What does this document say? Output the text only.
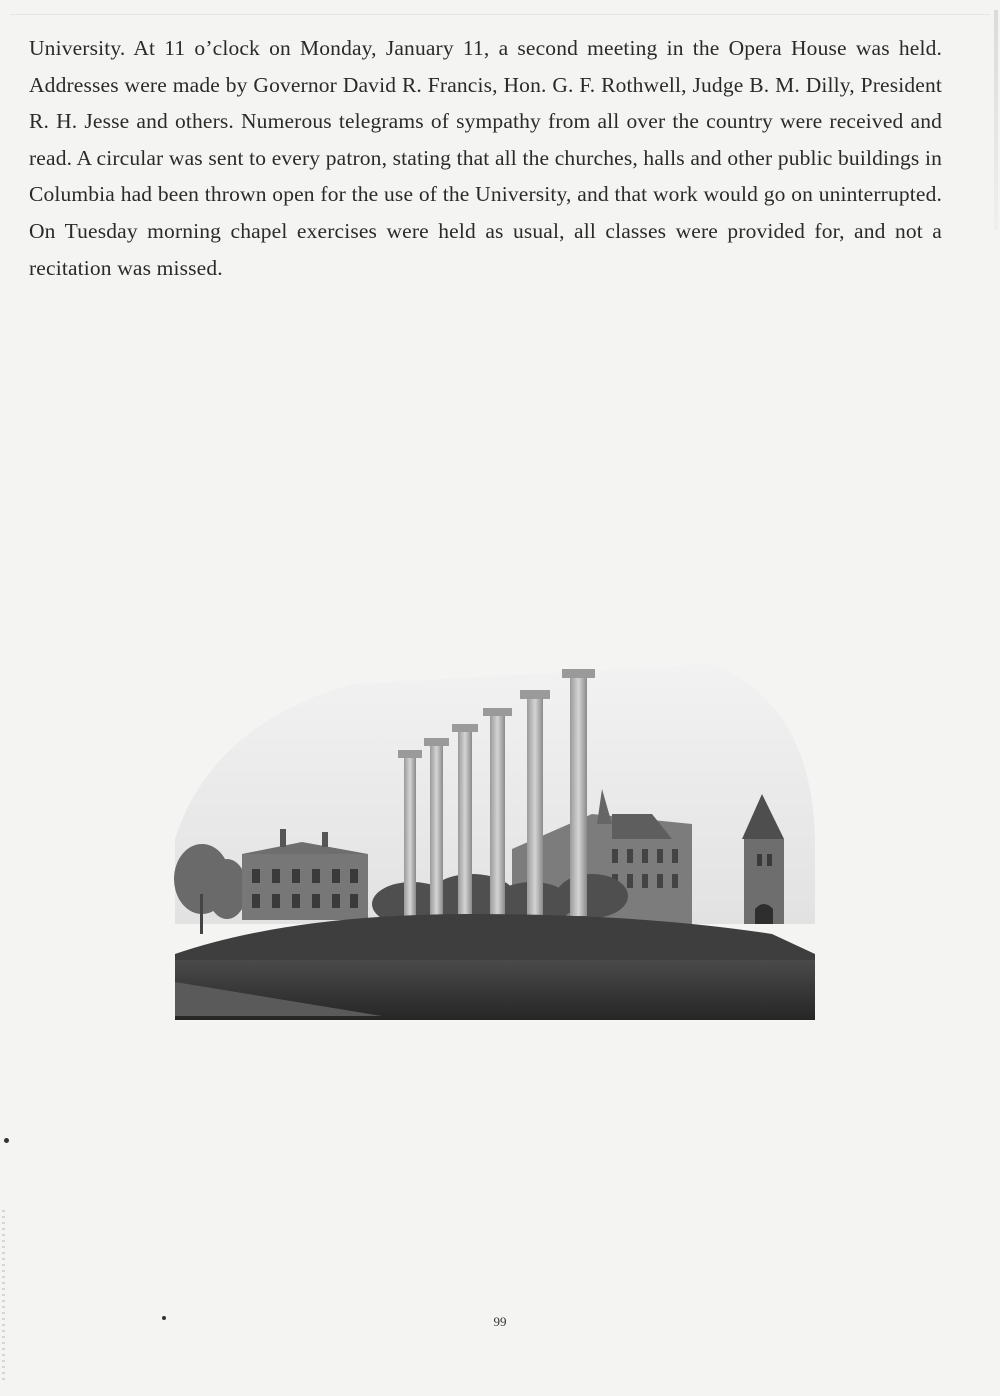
University. At 11 o’clock on Monday, January 11, a second meeting in the Opera House was held. Addresses were made by Governor David R. Francis, Hon. G. F. Rothwell, Judge B. M. Dilly, President R. H. Jesse and others. Numerous telegrams of sympathy from all over the country were received and read. A circular was sent to every patron, stating that all the churches, halls and other public buildings in Columbia had been thrown open for the use of the University, and that work would go on uninterrupted. On Tuesday morning chapel exercises were held as usual, all classes were provided for, and not a recitation was missed.

99
